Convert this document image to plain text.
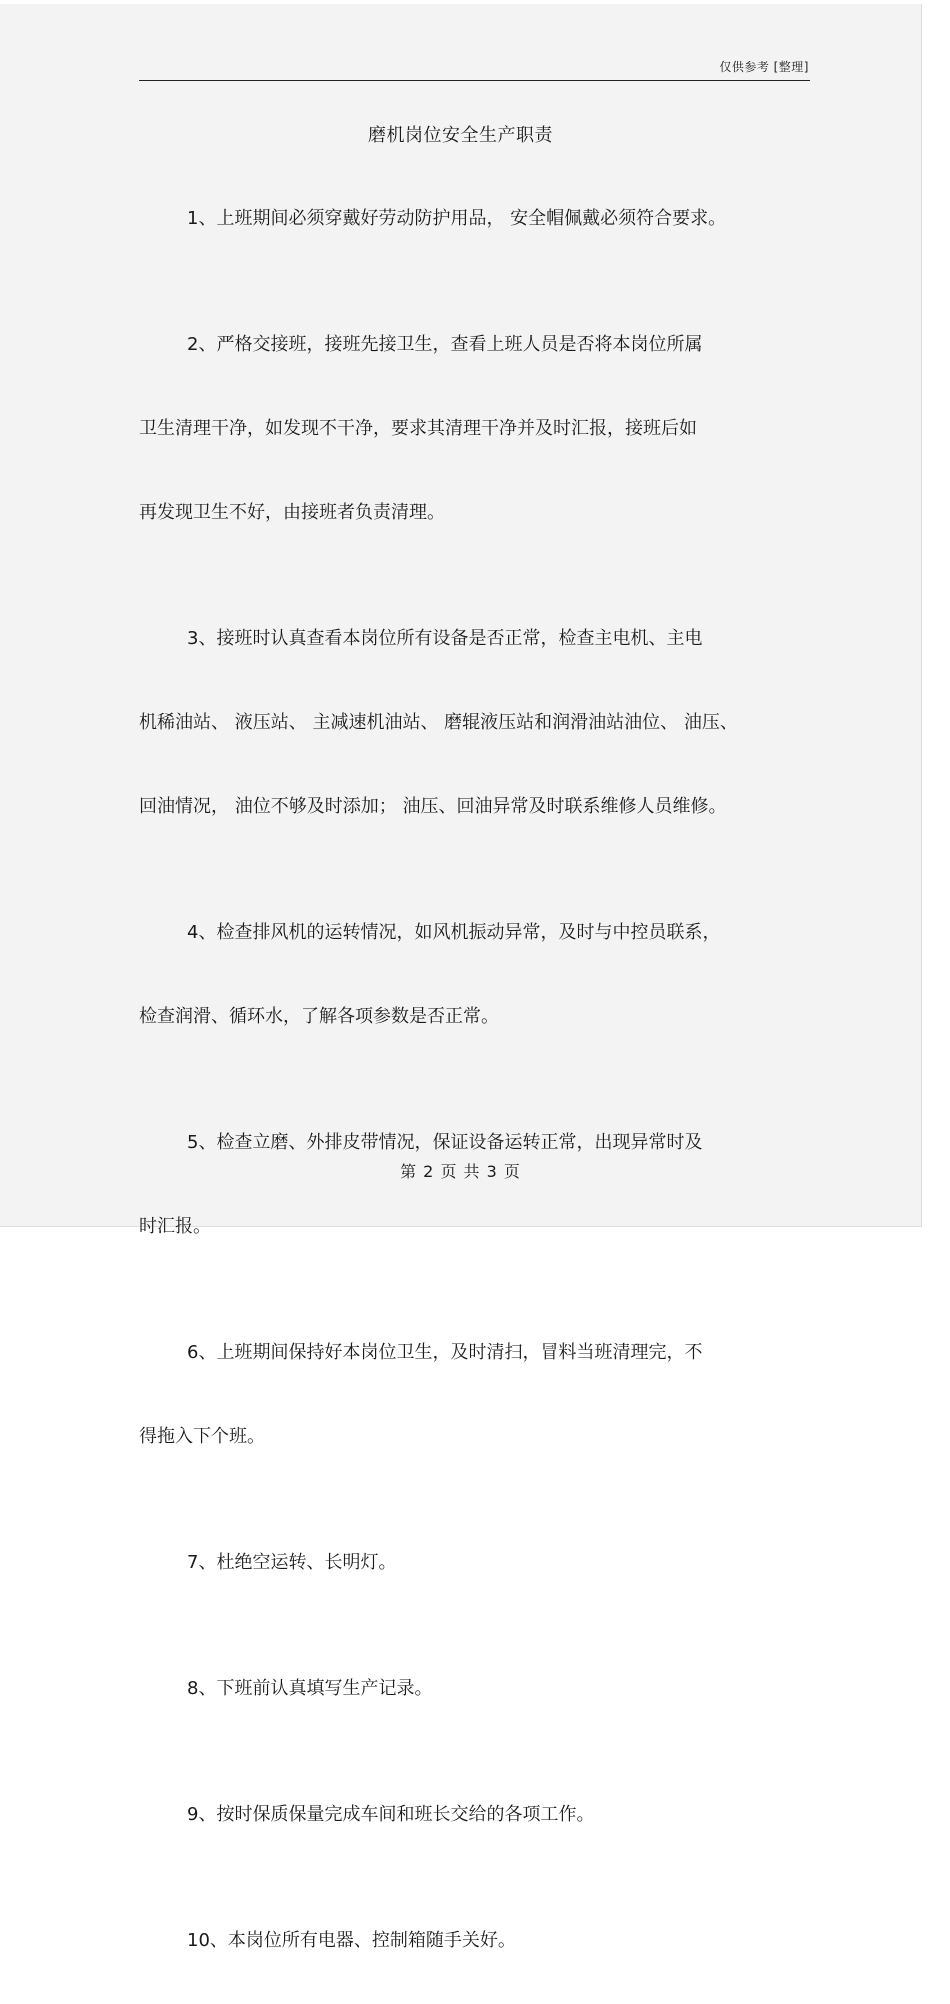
仅供参考 [整理]
磨机岗位安全生产职责

1、上班期间必须穿戴好劳动防护用品， 安全帽佩戴必须符合要求。

2、严格交接班，接班先接卫生，查看上班人员是否将本岗位所属

卫生清理干净，如发现不干净，要求其清理干净并及时汇报，接班后如

再发现卫生不好，由接班者负责清理。

3、接班时认真查看本岗位所有设备是否正常，检查主电机、主电

机稀油站、 液压站、 主减速机油站、 磨辊液压站和润滑油站油位、 油压、

回油情况， 油位不够及时添加； 油压、回油异常及时联系维修人员维修。

4、检查排风机的运转情况，如风机振动异常，及时与中控员联系，

检查润滑、循环水，了解各项参数是否正常。

5、检查立磨、外排皮带情况，保证设备运转正常，出现异常时及

时汇报。

6、上班期间保持好本岗位卫生，及时清扫，冒料当班清理完，不

得拖入下个班。

7、杜绝空运转、长明灯。

8、下班前认真填写生产记录。

9、按时保质保量完成车间和班长交给的各项工作。

10、本岗位所有电器、控制箱随手关好。

第 2 页 共 3 页
